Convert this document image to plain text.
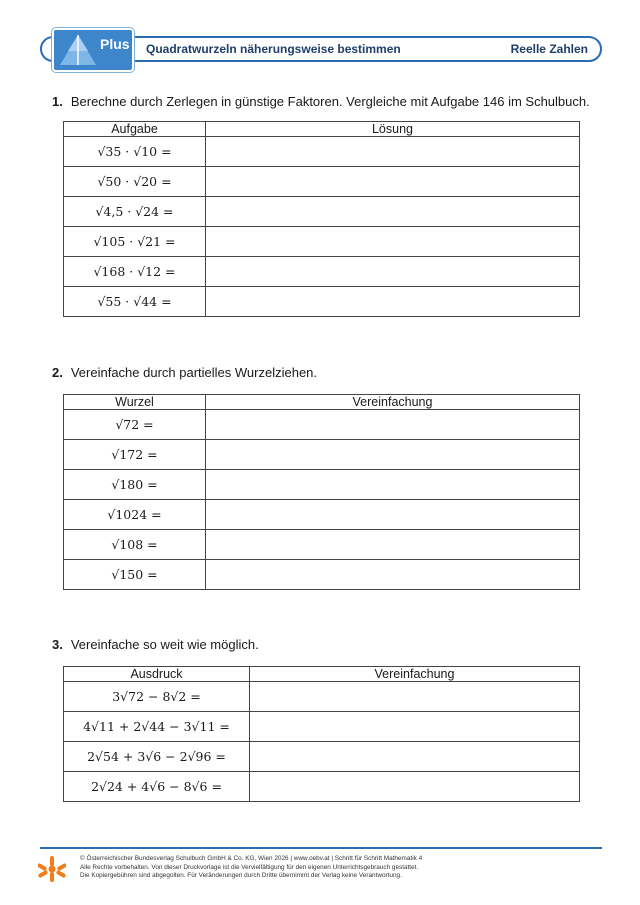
Plus Quadratwurzeln näherungsweise bestimmen	Reelle Zahlen
1. Berechne durch Zerlegen in günstige Faktoren. Vergleiche mit Aufgabe 146 im Schulbuch.
Aufgabe	Lösung
√35 · √10 =	
√50 · √20 =	
√4,5 · √24 =	
√105 · √21 =	
√168 · √12 =	
√55 · √44 =	
2. Vereinfache durch partielles Wurzelziehen.
Wurzel	Vereinfachung
√72 =	
√172 =	
√180 =	
√1024 =	
√108 =	
√150 =	
3. Vereinfache so weit wie möglich.
Ausdruck	Vereinfachung
3√72 − 8√2 =	
4√11 + 2√44 − 3√11 =	
2√54 + 3√6 − 2√96 =	
2√24 + 4√6 − 8√6 =	
© Österreichischer Bundesverlag Schulbuch GmbH & Co. KG, Wien 2026 | www.oebv.at | Schritt für Schritt Mathematik 4
Alle Rechte vorbehalten. Von dieser Druckvorlage ist die Vervielfältigung für den eigenen Unterrichtsgebrauch gestattet.
Die Kopiergebühren sind abgegolten. Für Veränderungen durch Dritte übernimmt der Verlag keine Verantwortung.
